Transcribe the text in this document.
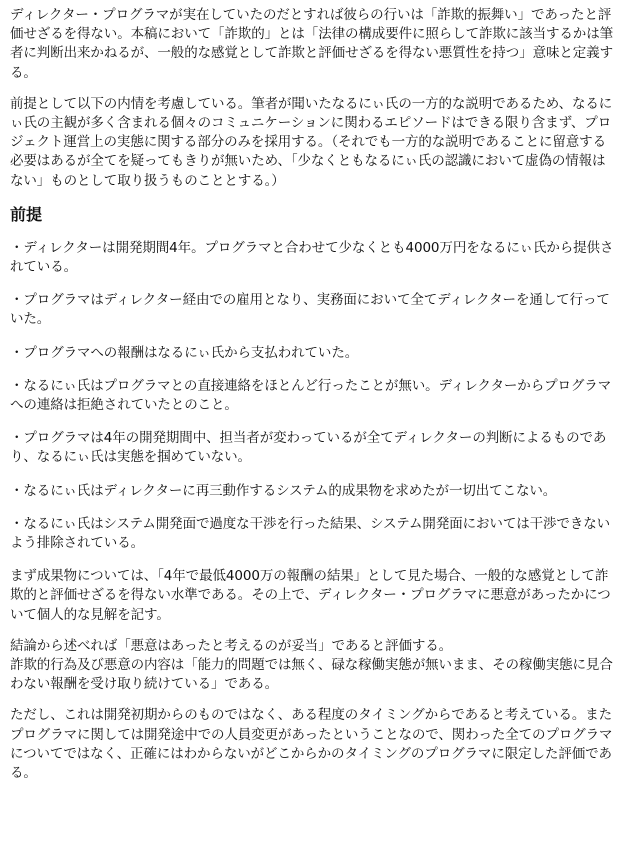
ディレクター・プログラマが実在していたのだとすれば彼らの行いは「詐欺的振舞い」であったと評価せざるを得ない。本稿において「詐欺的」とは「法律の構成要件に照らして詐欺に該当するかは筆者に判断出来かねるが、一般的な感覚として詐欺と評価せざるを得ない悪質性を持つ」意味と定義する。

前提として以下の内情を考慮している。筆者が聞いたなるにぃ氏の一方的な説明であるため、なるにぃ氏の主観が多く含まれる個々のコミュニケーションに関わるエピソードはできる限り含まず、プロジェクト運営上の実態に関する部分のみを採用する。（それでも一方的な説明であることに留意する必要はあるが全てを疑ってもきりが無いため、「少なくともなるにぃ氏の認識において虚偽の情報はない」ものとして取り扱うものこととする。）

前提

・ディレクターは開発期間4年。プログラマと合わせて少なくとも4000万円をなるにぃ氏から提供されている。

・プログラマはディレクター経由での雇用となり、実務面において全てディレクターを通して行っていた。

・プログラマへの報酬はなるにぃ氏から支払われていた。

・なるにぃ氏はプログラマとの直接連絡をほとんど行ったことが無い。ディレクターからプログラマへの連絡は拒絶されていたとのこと。

・プログラマは4年の開発期間中、担当者が変わっているが全てディレクターの判断によるものであり、なるにぃ氏は実態を掴めていない。

・なるにぃ氏はディレクターに再三動作するシステム的成果物を求めたが一切出てこない。

・なるにぃ氏はシステム開発面で過度な干渉を行った結果、システム開発面においては干渉できないよう排除されている。

まず成果物については、「4年で最低4000万の報酬の結果」として見た場合、一般的な感覚として詐欺的と評価せざるを得ない水準である。その上で、ディレクター・プログラマに悪意があったかについて個人的な見解を記す。

結論から述べれば「悪意はあったと考えるのが妥当」であると評価する。

詐欺的行為及び悪意の内容は「能力的問題では無く、碌な稼働実態が無いまま、その稼働実態に見合わない報酬を受け取り続けている」である。

ただし、これは開発初期からのものではなく、ある程度のタイミングからであると考えている。またプログラマに関しては開発途中での人員変更があったということなので、関わった全てのプログラマについてではなく、正確にはわからないがどこからかのタイミングのプログラマに限定した評価である。
